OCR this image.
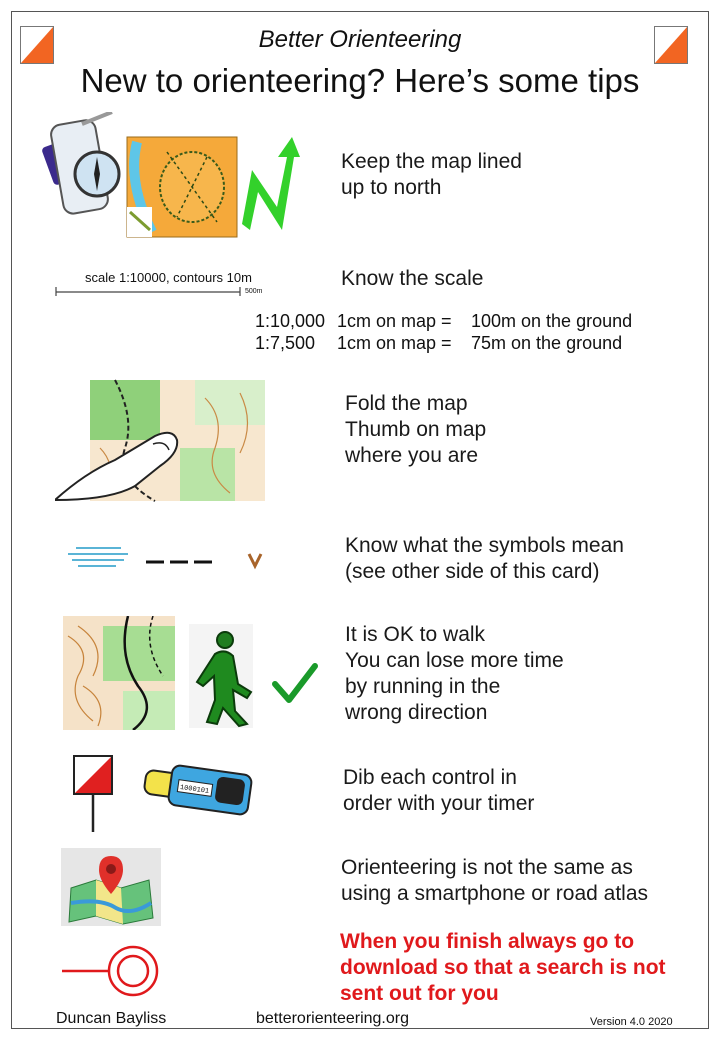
Better Orienteering
New to orienteering? Here’s some tips
Keep the map lined
up to north
scale 1:10000, contours 10m
500m
Know the scale
1:10,000 1cm on map = 100m on the ground
1:7,500 1cm on map = 75m on the ground
Fold the map
Thumb on map
where you are
Know what the symbols mean
(see other side of this card)
It is OK to walk
You can lose more time
by running in the
wrong direction
1000101
Dib each control in
order with your timer
Orienteering is not the same as
using a smartphone or road atlas
When you finish always go to
download so that a search is not
sent out for you
Duncan Bayliss	betterorienteering.org	Version 4.0 2020
